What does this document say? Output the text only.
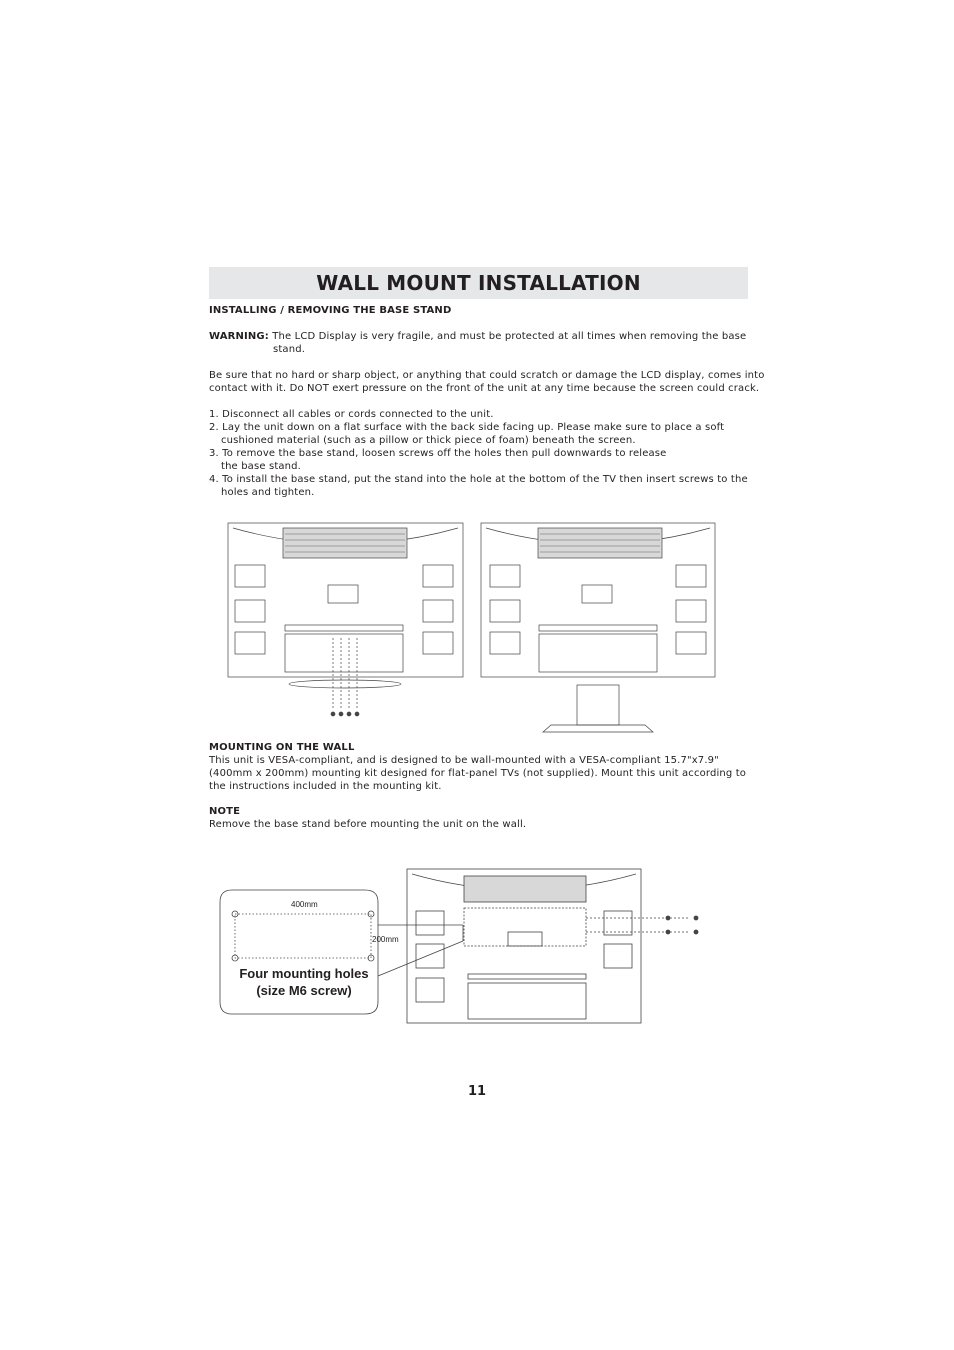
WALL MOUNT INSTALLATION
INSTALLING / REMOVING THE BASE STAND
WARNING: The LCD Display is very fragile, and must be protected at all times when removing the base
stand.
Be sure that no hard or sharp object, or anything that could scratch or damage the LCD display, comes into
contact with it. Do NOT exert pressure on the front of the unit at any time because the screen could crack.
1. Disconnect all cables or cords connected to the unit.
2. Lay the unit down on a flat surface with the back side facing up. Please make sure to place a soft
cushioned material (such as a pillow or thick piece of foam) beneath the screen.
3. To remove the base stand, loosen screws off the holes then pull downwards to release
the base stand.
4. To install the base stand, put the stand into the hole at the bottom of the TV then insert screws to the
holes and tighten.
MOUNTING ON THE WALL
This unit is VESA-compliant, and is designed to be wall-mounted with a VESA-compliant 15.7"x7.9"
(400mm x 200mm) mounting kit designed for flat-panel TVs (not supplied). Mount this unit according to
the instructions included in the mounting kit.
NOTE
Remove the base stand before mounting the unit on the wall.
400mm
200mm
Four mounting holes
(size M6 screw)
11
